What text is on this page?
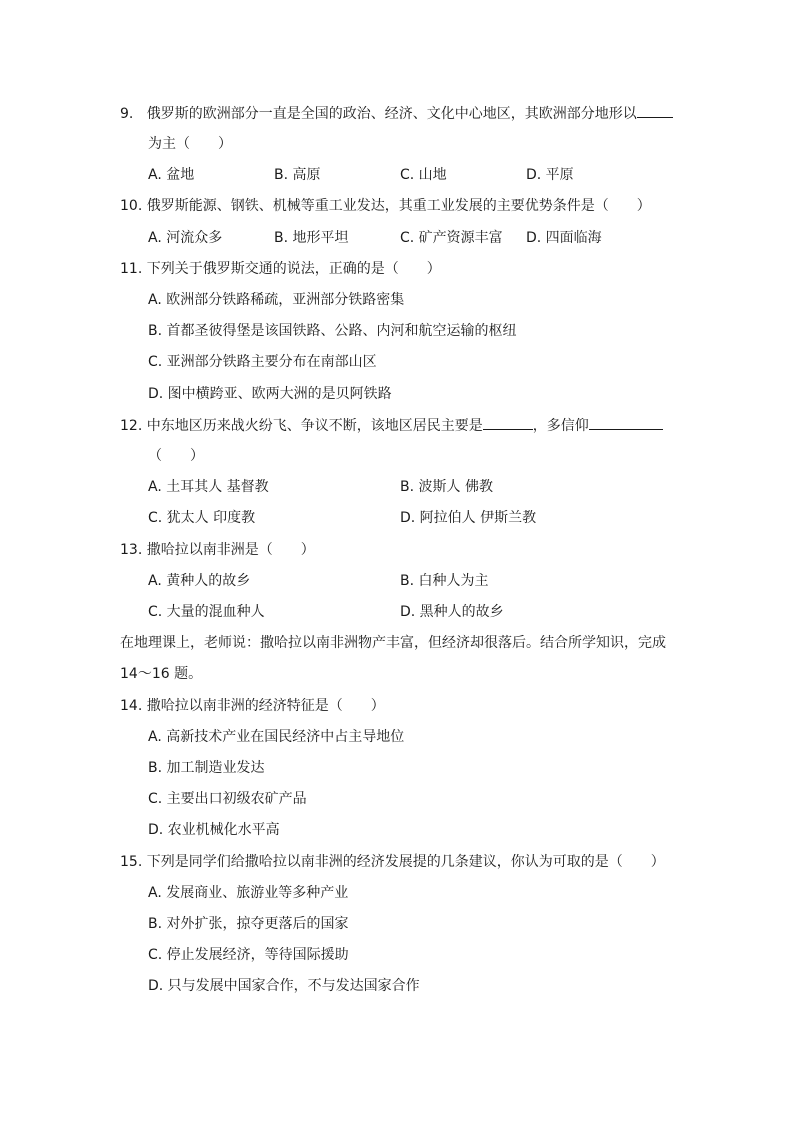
9. 俄罗斯的欧洲部分一直是全国的政治、经济、文化中心地区，其欧洲部分地形以
为主（　　）
A. 盆地	B. 高原	C. 山地	D. 平原
10. 俄罗斯能源、钢铁、机械等重工业发达，其重工业发展的主要优势条件是（　　）
A. 河流众多	B. 地形平坦	C. 矿产资源丰富 D. 四面临海
11. 下列关于俄罗斯交通的说法，正确的是（　　）
A. 欧洲部分铁路稀疏，亚洲部分铁路密集
B. 首都圣彼得堡是该国铁路、公路、内河和航空运输的枢纽
C. 亚洲部分铁路主要分布在南部山区
D. 图中横跨亚、欧两大洲的是贝阿铁路
12. 中东地区历来战火纷飞、争议不断，该地区居民主要是	，多信仰
（　　）
A. 土耳其人 基督教	B. 波斯人 佛教
C. 犹太人 印度教	D. 阿拉伯人 伊斯兰教
13. 撒哈拉以南非洲是（　　）
A. 黄种人的故乡	B. 白种人为主
C. 大量的混血种人	D. 黑种人的故乡
在地理课上，老师说：撒哈拉以南非洲物产丰富，但经济却很落后。结合所学知识，完成
14～16 题。
14. 撒哈拉以南非洲的经济特征是（　　）
A. 高新技术产业在国民经济中占主导地位
B. 加工制造业发达
C. 主要出口初级农矿产品
D. 农业机械化水平高
15. 下列是同学们给撒哈拉以南非洲的经济发展提的几条建议，你认为可取的是（　　）
A. 发展商业、旅游业等多种产业
B. 对外扩张，掠夺更落后的国家
C. 停止发展经济，等待国际援助
D. 只与发展中国家合作，不与发达国家合作
